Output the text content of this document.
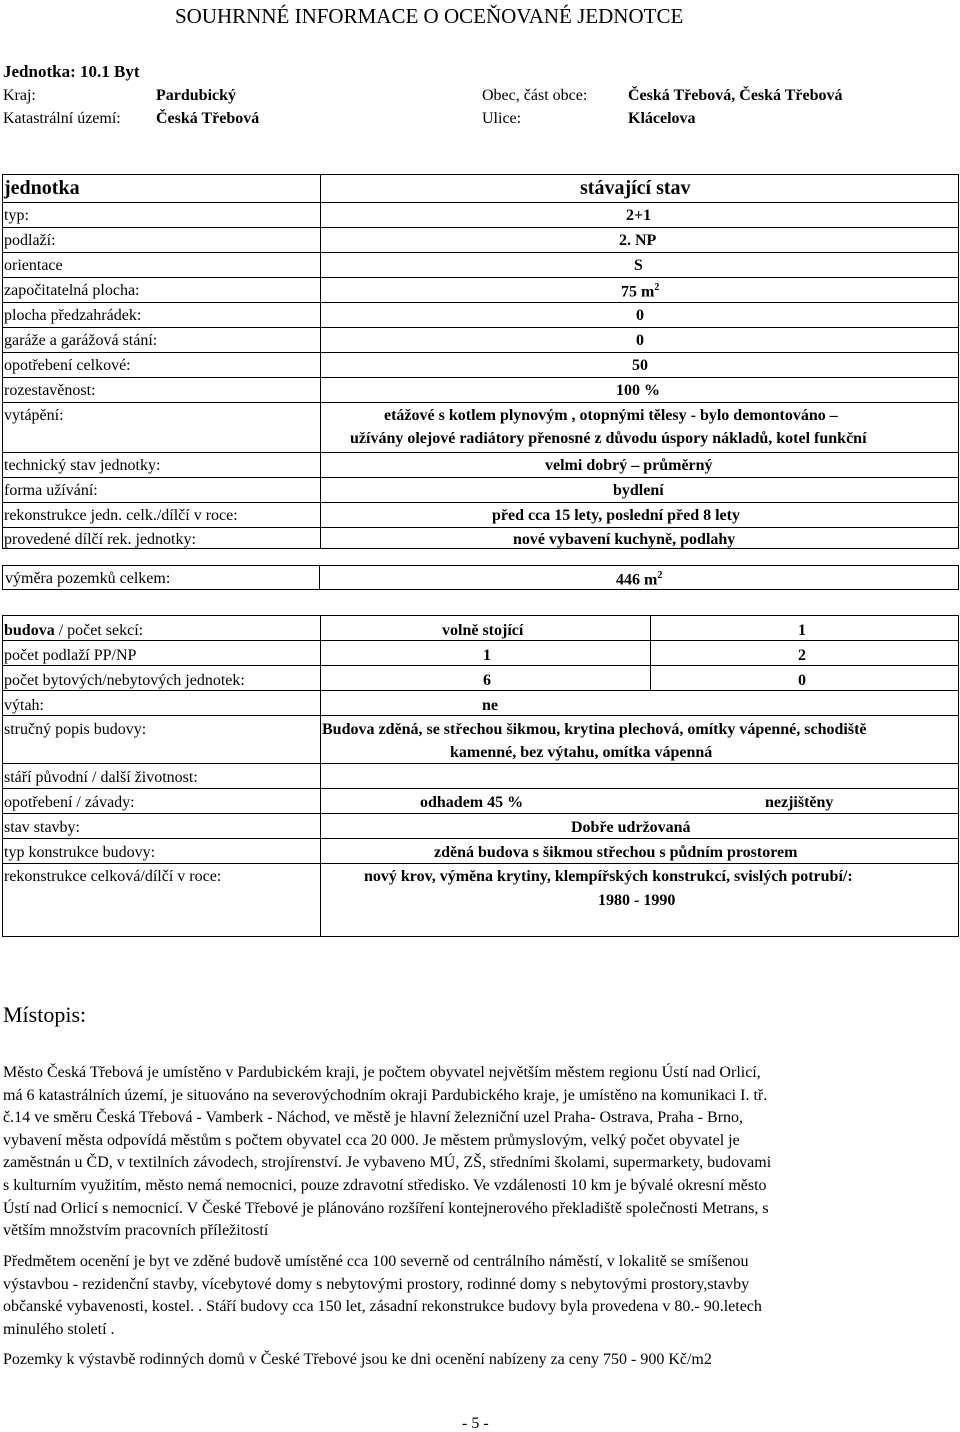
SOUHRNNÉ INFORMACE O OCEŇOVANÉ JEDNOTCE
Jednotka: 10.1 Byt
Kraj:	Pardubický	Obec, část obce:	Česká Třebová, Česká Třebová
Katastrální území: Česká Třebová	Ulice:	Klácelova
jednotka	stávající stav
typ:	2+1
podlaží:	2. NP
orientace	S
započitatelná plocha:	75 $m^2$
plocha předzahrádek:	0
garáže a garážová stání:	0
opotřebení celkové:	50
rozestavěnost:	100 %
vytápění:	etážové s kotlem plynovým , otopnými tělesy - bylo demontováno –
užívány olejové radiátory přenosné z důvodu úspory nákladů, kotel funkční
technický stav jednotky:	velmi dobrý – průměrný
forma užívání:	bydlení
rekonstrukce jedn. celk./dílčí v roce:	před cca 15 lety, poslední před 8 lety
provedené dílčí rek. jednotky:	nové vybavení kuchyně, podlahy
výměra pozemků celkem:	446 $m^2$
budova / počet sekcí:	volně stojící	1
počet podlaží PP/NP	1	2
počet bytových/nebytových jednotek:	6	0
výtah:	ne
stručný popis budovy:	Budova zděná, se střechou šikmou, krytina plechová, omítky vápenné, schodiště
kamenné, bez výtahu, omítka vápenná
stáří původní / další životnost:
opotřebení / závady:	odhadem 45 %	nezjištěny
stav stavby:	Dobře udržovaná
typ konstrukce budovy:	zděná budova s šikmou střechou s půdním prostorem
rekonstrukce celková/dílčí v roce:	nový krov, výměna krytiny, klempířských konstrukcí, svislých potrubí/:
1980 - 1990
Místopis:
Město Česká Třebová je umístěno v Pardubickém kraji, je počtem obyvatel největším městem regionu Ústí nad Orlicí,
má 6 katastrálních území, je situováno na severovýchodním okraji Pardubického kraje, je umístěno na komunikaci I. tř.
č.14 ve směru Česká Třebová - Vamberk - Náchod, ve městě je hlavní železniční uzel Praha- Ostrava, Praha - Brno,
vybavení města odpovídá městům s počtem obyvatel cca 20 000. Je městem průmyslovým, velký počet obyvatel je
zaměstnán u ČD, v textilních závodech, strojírenství. Je vybaveno MÚ, ZŠ, středními školami, supermarkety, budovami
s kulturním využitím, město nemá nemocnici, pouze zdravotní středisko. Ve vzdálenosti 10 km je bývalé okresní město
Ústí nad Orlicí s nemocnicí. V České Třebové je plánováno rozšíření kontejnerového překladiště společnosti Metrans, s
větším množstvím pracovních příležitostí
Předmětem ocenění je byt ve zděné budově umístěné cca 100 severně od centrálního náměstí, v lokalitě se smíšenou
výstavbou - rezidenční stavby, vícebytové domy s nebytovými prostory, rodinné domy s nebytovými prostory,stavby
občanské vybavenosti, kostel. . Stáří budovy cca 150 let, zásadní rekonstrukce budovy byla provedena v 80.- 90.letech
minulého století .
Pozemky k výstavbě rodinných domů v České Třebové jsou ke dni ocenění nabízeny za ceny 750 - 900 Kč/m2
- 5 -
